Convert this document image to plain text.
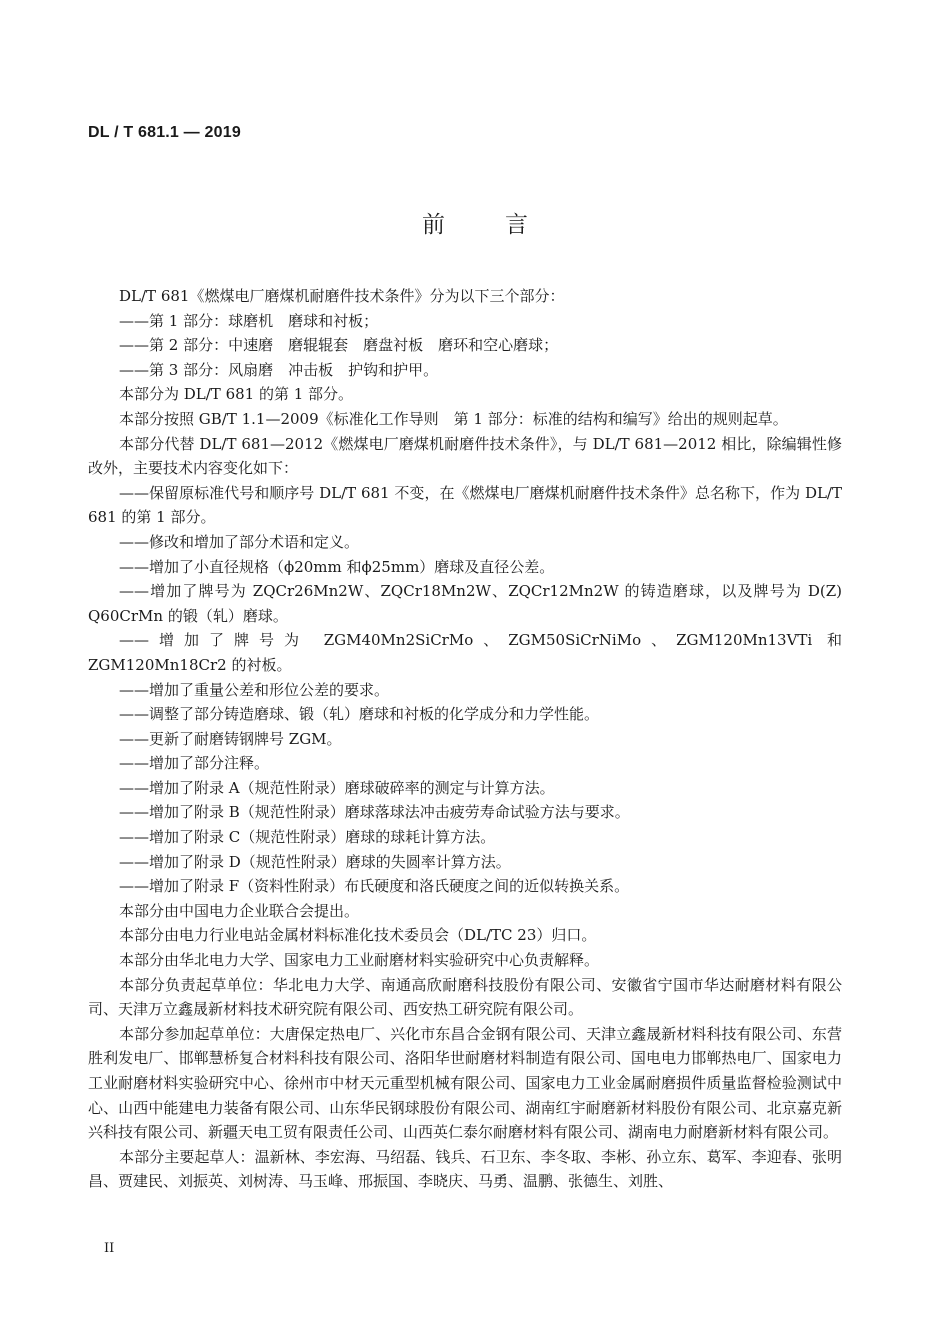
DL / T 681.1 — 2019
前	言

DL/T 681《燃煤电厂磨煤机耐磨件技术条件》分为以下三个部分：

——第 1 部分：球磨机　磨球和衬板；

——第 2 部分：中速磨　磨辊辊套　磨盘衬板　磨环和空心磨球；

——第 3 部分：风扇磨　冲击板　护钩和护甲。

本部分为 DL/T 681 的第 1 部分。

本部分按照 GB/T 1.1—2009《标准化工作导则　第 1 部分：标准的结构和编写》给出的规则起草。

本部分代替 DL/T 681—2012《燃煤电厂磨煤机耐磨件技术条件》，与 DL/T 681—2012 相比，除编辑性修改外，主要技术内容变化如下：

——保留原标准代号和顺序号 DL/T 681 不变，在《燃煤电厂磨煤机耐磨件技术条件》总名称下，作为 DL/T 681 的第 1 部分。

——修改和增加了部分术语和定义。

——增加了小直径规格（ϕ20mm 和ϕ25mm）磨球及直径公差。

——增加了牌号为 ZQCr26Mn2W、ZQCr18Mn2W、ZQCr12Mn2W 的铸造磨球，以及牌号为 D(Z) Q60CrMn 的锻（轧）磨球。

——增加了牌号为 ZGM40Mn2SiCrMo、ZGM50SiCrNiMo、ZGM120Mn13VTi 和 ZGM120Mn18Cr2 的衬板。

——增加了重量公差和形位公差的要求。

——调整了部分铸造磨球、锻（轧）磨球和衬板的化学成分和力学性能。

——更新了耐磨铸钢牌号 ZGM。

——增加了部分注释。

——增加了附录 A（规范性附录）磨球破碎率的测定与计算方法。

——增加了附录 B（规范性附录）磨球落球法冲击疲劳寿命试验方法与要求。

——增加了附录 C（规范性附录）磨球的球耗计算方法。

——增加了附录 D（规范性附录）磨球的失圆率计算方法。

——增加了附录 F（资料性附录）布氏硬度和洛氏硬度之间的近似转换关系。

本部分由中国电力企业联合会提出。

本部分由电力行业电站金属材料标准化技术委员会（DL/TC 23）归口。

本部分由华北电力大学、国家电力工业耐磨材料实验研究中心负责解释。

本部分负责起草单位：华北电力大学、南通高欣耐磨科技股份有限公司、安徽省宁国市华达耐磨材料有限公司、天津万立鑫晟新材料技术研究院有限公司、西安热工研究院有限公司。

本部分参加起草单位：大唐保定热电厂、兴化市东昌合金钢有限公司、天津立鑫晟新材料科技有限公司、东营胜利发电厂、邯郸慧桥复合材料科技有限公司、洛阳华世耐磨材料制造有限公司、国电电力邯郸热电厂、国家电力工业耐磨材料实验研究中心、徐州市中材天元重型机械有限公司、国家电力工业金属耐磨损件质量监督检验测试中心、山西中能建电力装备有限公司、山东华民钢球股份有限公司、湖南红宇耐磨新材料股份有限公司、北京嘉克新兴科技有限公司、新疆天电工贸有限责任公司、山西英仁泰尔耐磨材料有限公司、湖南电力耐磨新材料有限公司。

本部分主要起草人：温新林、李宏海、马绍磊、钱兵、石卫东、李冬取、李彬、孙立东、葛军、李迎春、张明昌、贾建民、刘振英、刘树涛、马玉峰、邢振国、李晓庆、马勇、温鹏、张德生、刘胜、

II
